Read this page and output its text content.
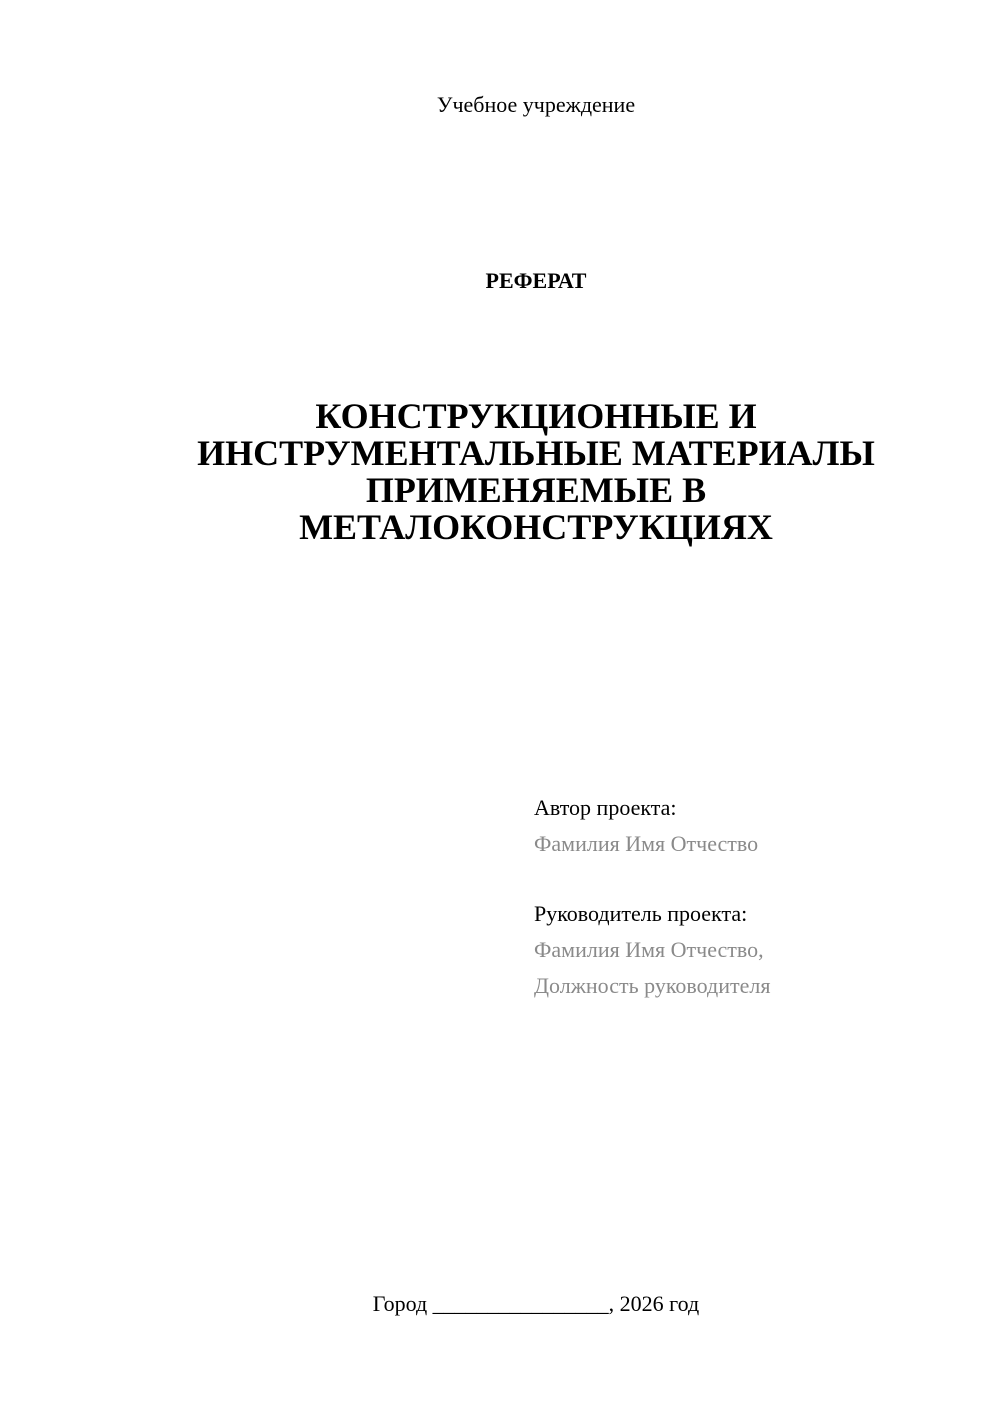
Учебное учреждение
РЕФЕРАТ
КОНСТРУКЦИОННЫЕ И
ИНСТРУМЕНТАЛЬНЫЕ МАТЕРИАЛЫ
ПРИМЕНЯЕМЫЕ В
МЕТАЛОКОНСТРУКЦИЯХ
Автор проекта:
Фамилия Имя Отчество
Руководитель проекта:
Фамилия Имя Отчество,
Должность руководителя
Город ________________, 2026 год
